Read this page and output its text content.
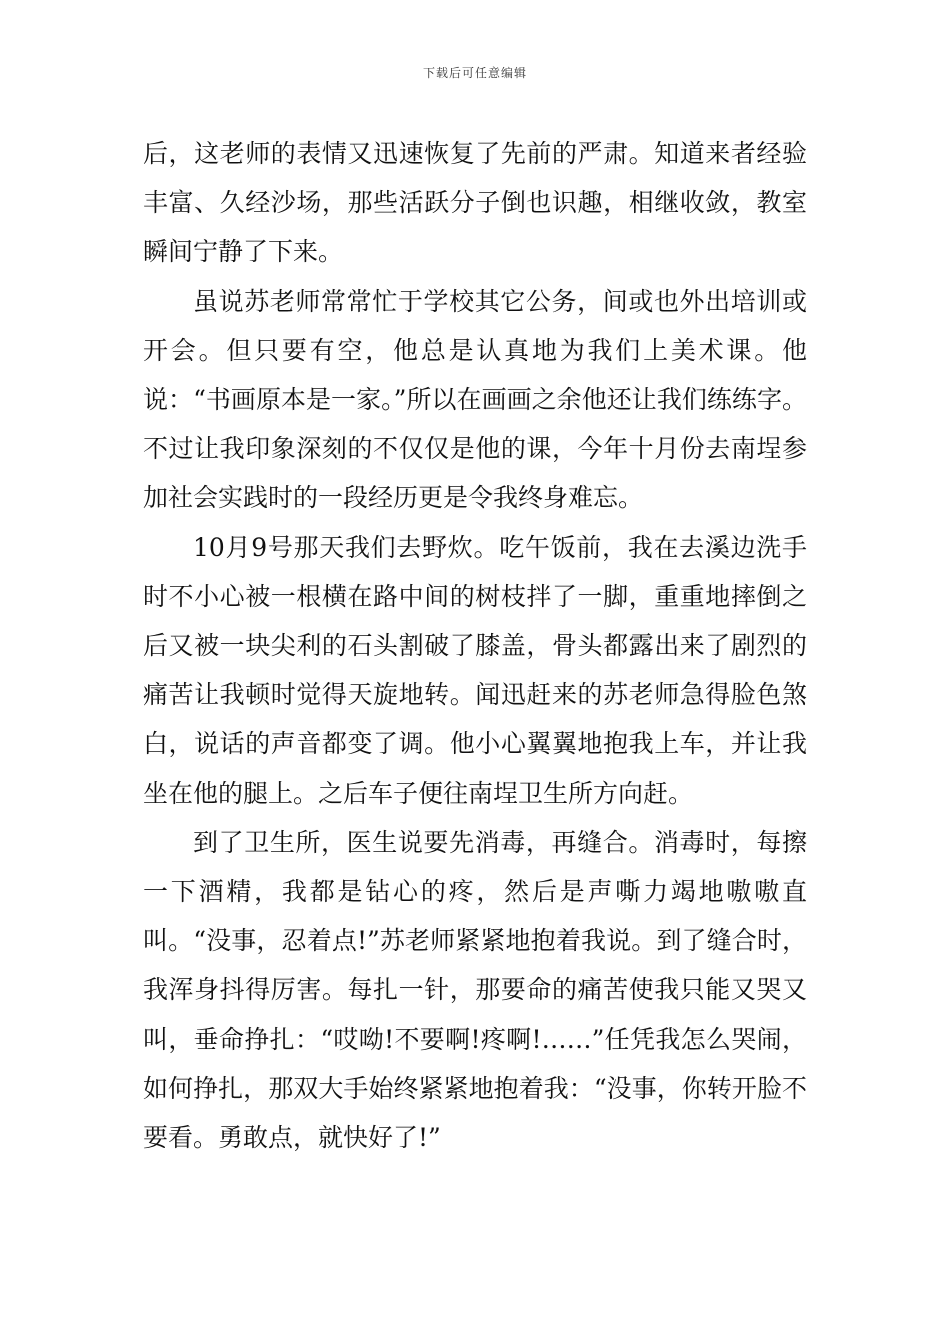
下载后可任意编辑

后，这老师的表情又迅速恢复了先前的严肃。知道来者经验丰富、久经沙场，那些活跃分子倒也识趣，相继收敛，教室瞬间宁静了下来。

虽说苏老师常常忙于学校其它公务，间或也外出培训或开会。但只要有空，他总是认真地为我们上美术课。他说：“书画原本是一家。”所以在画画之余他还让我们练练字。不过让我印象深刻的不仅仅是他的课，今年十月份去南埕参加社会实践时的一段经历更是令我终身难忘。

10月9号那天我们去野炊。吃午饭前，我在去溪边洗手时不小心被一根横在路中间的树枝拌了一脚，重重地摔倒之后又被一块尖利的石头割破了膝盖，骨头都露出来了剧烈的痛苦让我顿时觉得天旋地转。闻迅赶来的苏老师急得脸色煞白，说话的声音都变了调。他小心翼翼地抱我上车，并让我坐在他的腿上。之后车子便往南埕卫生所方向赶。

到了卫生所，医生说要先消毒，再缝合。消毒时，每擦一下酒精，我都是钻心的疼，然后是声嘶力竭地嗷嗷直叫。“没事，忍着点!”苏老师紧紧地抱着我说。到了缝合时，我浑身抖得厉害。每扎一针，那要命的痛苦使我只能又哭又叫，垂命挣扎：“哎呦!不要啊!疼啊!……”任凭我怎么哭闹，如何挣扎，那双大手始终紧紧地抱着我：“没事，你转开脸不要看。勇敢点，就快好了!”
